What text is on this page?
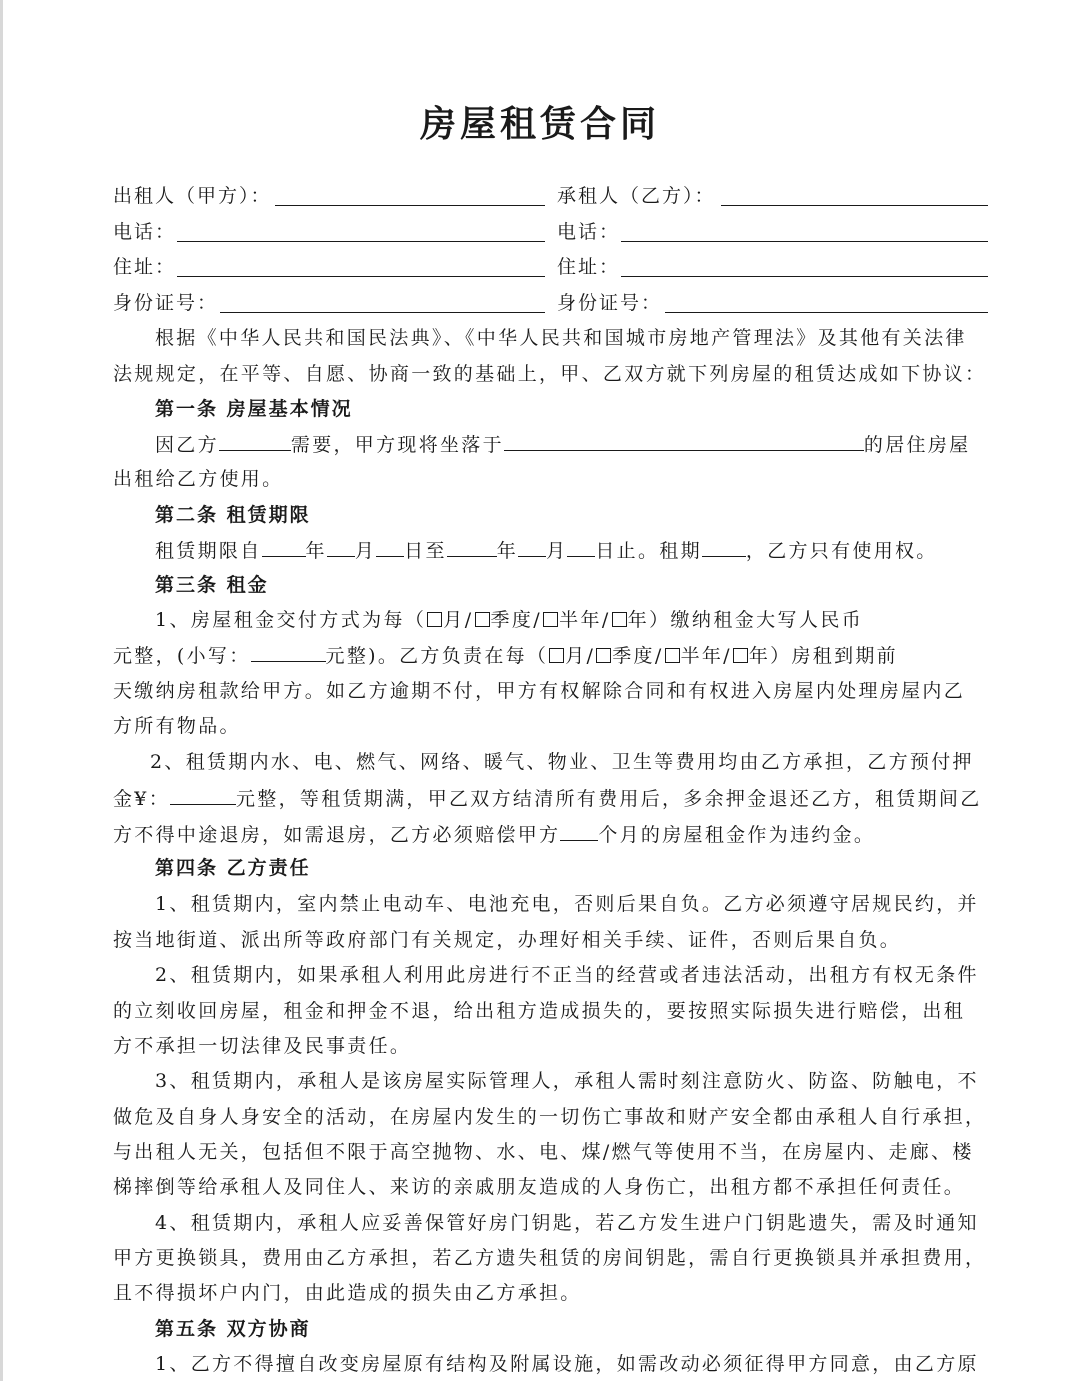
房屋租赁合同
出租人（甲方）：	承租人（乙方）：
电话：	电话：
住址：	住址：
身份证号：	身份证号：
根据《中华人民共和国民法典》、《中华人民共和国城市房地产管理法》及其他有关法律
法规规定，在平等、自愿、协商一致的基础上，甲、乙双方就下列房屋的租赁达成如下协议：
第一条 房屋基本情况
因乙方	需要，甲方现将坐落于	的居住房屋
出租给乙方使用。
第二条 租赁期限
租赁期限自 年 月 日至	年 月 日止。租期 ，乙方只有使用权。
第三条 租金
1、房屋租金交付方式为每（ 月/ 季度/ 半年/ 年）缴纳租金大写人民币
元整，(小写：	元整)。乙方负责在每（ 月/ 季度/ 半年/ 年）房租到期前
天缴纳房租款给甲方。如乙方逾期不付，甲方有权解除合同和有权进入房屋内处理房屋内乙
方所有物品。
2、租赁期内水、电、燃气、网络、暖气、物业、卫生等费用均由乙方承担，乙方预付押
金¥：	元整，等租赁期满，甲乙双方结清所有费用后，多余押金退还乙方，租赁期间乙
方不得中途退房，如需退房，乙方必须赔偿甲方 个月的房屋租金作为违约金。
第四条 乙方责任
1、租赁期内，室内禁止电动车、电池充电，否则后果自负。乙方必须遵守居规民约，并
按当地街道、派出所等政府部门有关规定，办理好相关手续、证件，否则后果自负。
2、租赁期内，如果承租人利用此房进行不正当的经营或者违法活动，出租方有权无条件
的立刻收回房屋，租金和押金不退，给出租方造成损失的，要按照实际损失进行赔偿，出租
方不承担一切法律及民事责任。
3、租赁期内，承租人是该房屋实际管理人，承租人需时刻注意防火、防盗、防触电，不
做危及自身人身安全的活动，在房屋内发生的一切伤亡事故和财产安全都由承租人自行承担，
与出租人无关，包括但不限于高空抛物、水、电、煤/燃气等使用不当，在房屋内、走廊、楼
梯摔倒等给承租人及同住人、来访的亲戚朋友造成的人身伤亡，出租方都不承担任何责任。
4、租赁期内，承租人应妥善保管好房门钥匙，若乙方发生进户门钥匙遗失，需及时通知
甲方更换锁具，费用由乙方承担，若乙方遗失租赁的房间钥匙，需自行更换锁具并承担费用，
且不得损坏户内门，由此造成的损失由乙方承担。
第五条 双方协商
1、乙方不得擅自改变房屋原有结构及附属设施，如需改动必须征得甲方同意，由乙方原
